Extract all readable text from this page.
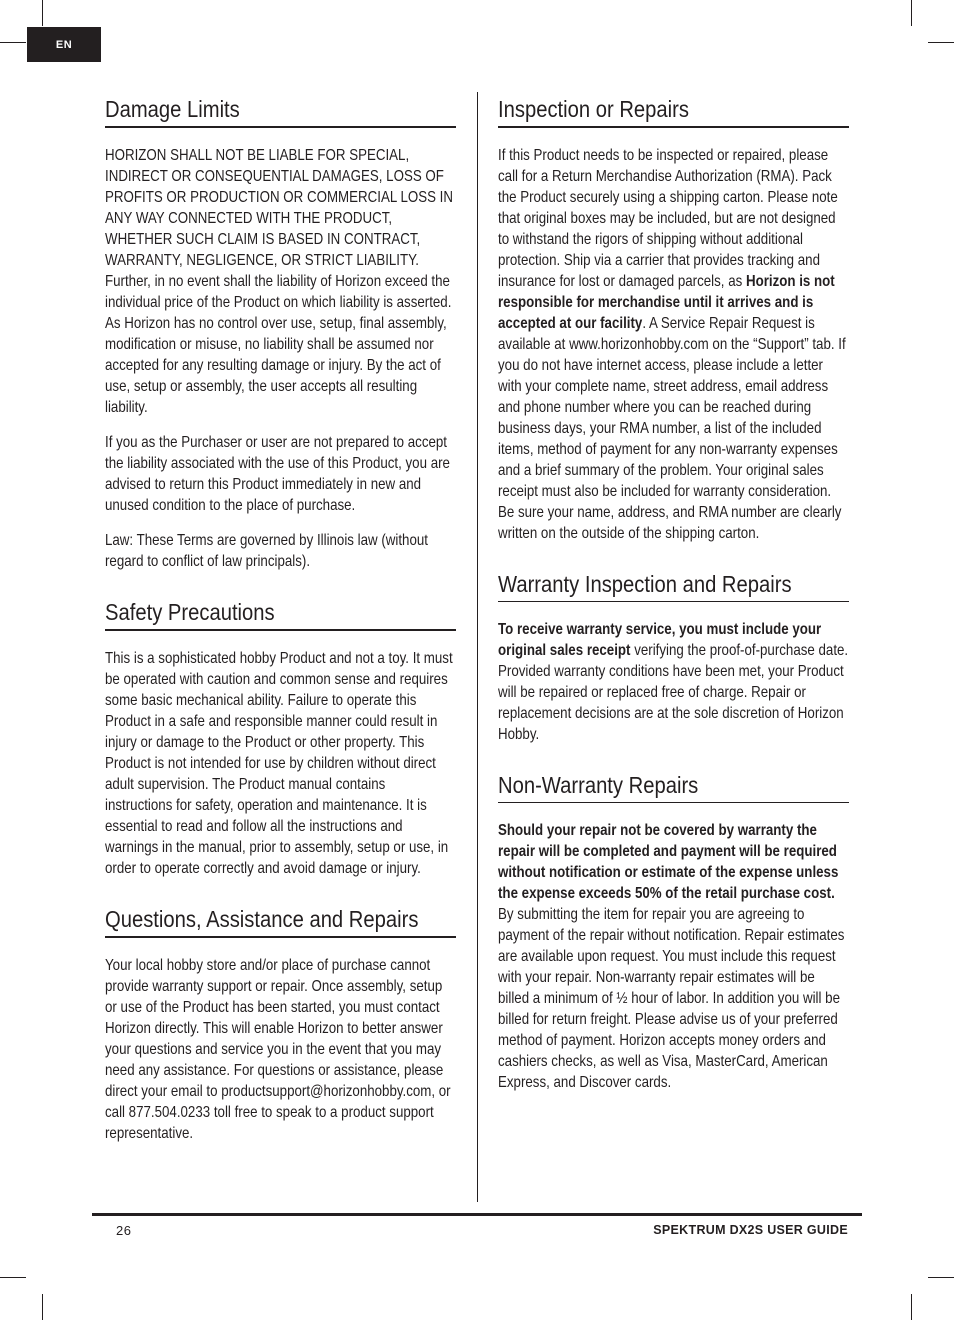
EN
Damage Limits

HORIZON SHALL NOT BE LIABLE FOR SPECIAL, INDIRECT OR CONSEQUENTIAL DAMAGES, LOSS OF PROFITS OR PRODUCTION OR COMMERCIAL LOSS IN ANY WAY CONNECTED WITH THE PRODUCT, WHETHER SUCH CLAIM IS BASED IN CONTRACT, WARRANTY, NEGLIGENCE, OR STRICT LIABILITY. Further, in no event shall the liability of Horizon exceed the individual price of the Product on which liability is asserted. As Horizon has no control over use, setup, final assembly, modification or misuse, no liability shall be assumed nor accepted for any resulting damage or injury. By the act of use, setup or assembly, the user accepts all resulting liability.

If you as the Purchaser or user are not prepared to accept the liability associated with the use of this Product, you are advised to return this Product immediately in new and unused condition to the place of purchase.

Law: These Terms are governed by Illinois law (without regard to conflict of law principals).

Safety Precautions

This is a sophisticated hobby Product and not a toy. It must be operated with caution and common sense and requires some basic mechanical ability. Failure to operate this Product in a safe and responsible manner could result in injury or damage to the Product or other property. This Product is not intended for use by children without direct adult supervision. The Product manual contains instructions for safety, operation and maintenance. It is essential to read and follow all the instructions and warnings in the manual, prior to assembly, setup or use, in order to operate correctly and avoid damage or injury.

Questions, Assistance and Repairs

Your local hobby store and/or place of purchase cannot provide warranty support or repair. Once assembly, setup or use of the Product has been started, you must contact Horizon directly. This will enable Horizon to better answer your questions and service you in the event that you may need any assistance. For questions or assistance, please direct your email to productsupport@horizonhobby.com, or call 877.504.0233 toll free to speak to a product support representative.

Inspection or Repairs

If this Product needs to be inspected or repaired, please call for a Return Merchandise Authorization (RMA). Pack the Product securely using a shipping carton. Please note that original boxes may be included, but are not designed to withstand the rigors of shipping without additional protection. Ship via a carrier that provides tracking and insurance for lost or damaged parcels, as Horizon is not responsible for merchandise until it arrives and is accepted at our facility. A Service Repair Request is available at www.horizonhobby.com on the “Support” tab. If you do not have internet access, please include a letter with your complete name, street address, email address and phone number where you can be reached during business days, your RMA number, a list of the included items, method of payment for any non-warranty expenses and a brief summary of the problem. Your original sales receipt must also be included for warranty consideration. Be sure your name, address, and RMA number are clearly written on the outside of the shipping carton.

Warranty Inspection and Repairs

To receive warranty service, you must include your original sales receipt verifying the proof-of-purchase date. Provided warranty conditions have been met, your Product will be repaired or replaced free of charge. Repair or replacement decisions are at the sole discretion of Horizon Hobby.

Non-Warranty Repairs

Should your repair not be covered by warranty the repair will be completed and payment will be required without notification or estimate of the expense unless the expense exceeds 50% of the retail purchase cost. By submitting the item for repair you are agreeing to payment of the repair without notification. Repair estimates are available upon request. You must include this request with your repair. Non-warranty repair estimates will be billed a minimum of ½ hour of labor. In addition you will be billed for return freight. Please advise us of your preferred method of payment. Horizon accepts money orders and cashiers checks, as well as Visa, MasterCard, American Express, and Discover cards.

26	SPEKTRUM DX2S USER GUIDE
